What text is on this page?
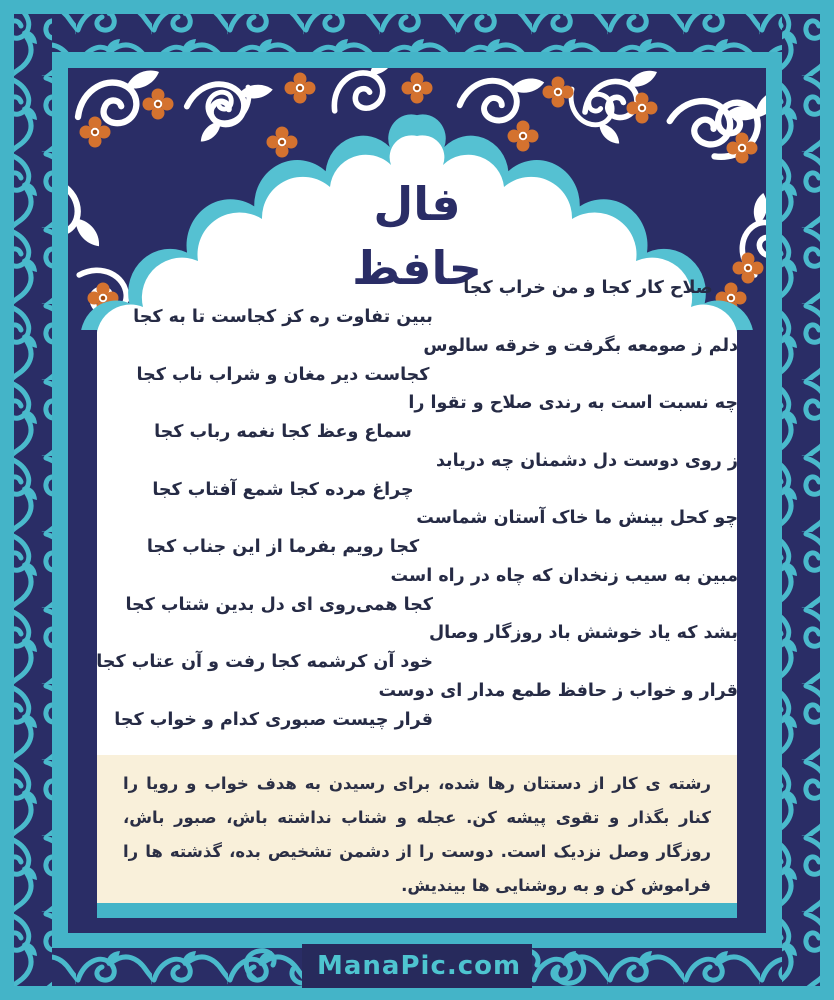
فال حافظ
صلاح کار کجا و من خراب کجا
دلم ز صومعه بگرفت و خرقه سالوس
چه نسبت است به رندی صلاح و تقوا را
ز روی دوست دل دشمنان چه دریابد
چو کحل بینش ما خاک آستان شماست
مبین به سیب زنخدان که چاه در راه است
بشد که یاد خوشش باد روزگار وصال
قرار و خواب ز حافظ طمع مدار ای دوست
ببین تفاوت ره کز کجاست تا به کجا
کجاست دیر مغان و شراب ناب کجا
سماع وعظ کجا نغمه رباب کجا
چراغ مرده کجا شمع آفتاب کجا
کجا رویم بفرما از این جناب کجا
کجا همی‌روی ای دل بدین شتاب کجا
خود آن کرشمه کجا رفت و آن عتاب کجا
قرار چیست صبوری کدام و خواب کجا
رشته ی کار از دستتان رها شده، برای رسیدن به هدف خواب و رویا را کنار بگذار و تقوی پیشه کن. عجله و شتاب نداشته باش، صبور باش، روزگار وصل نزدیک است. دوست را از دشمن تشخیص بده، گذشته ها را فراموش کن و به روشنایی ها بیندیش.
ManaPic.com
